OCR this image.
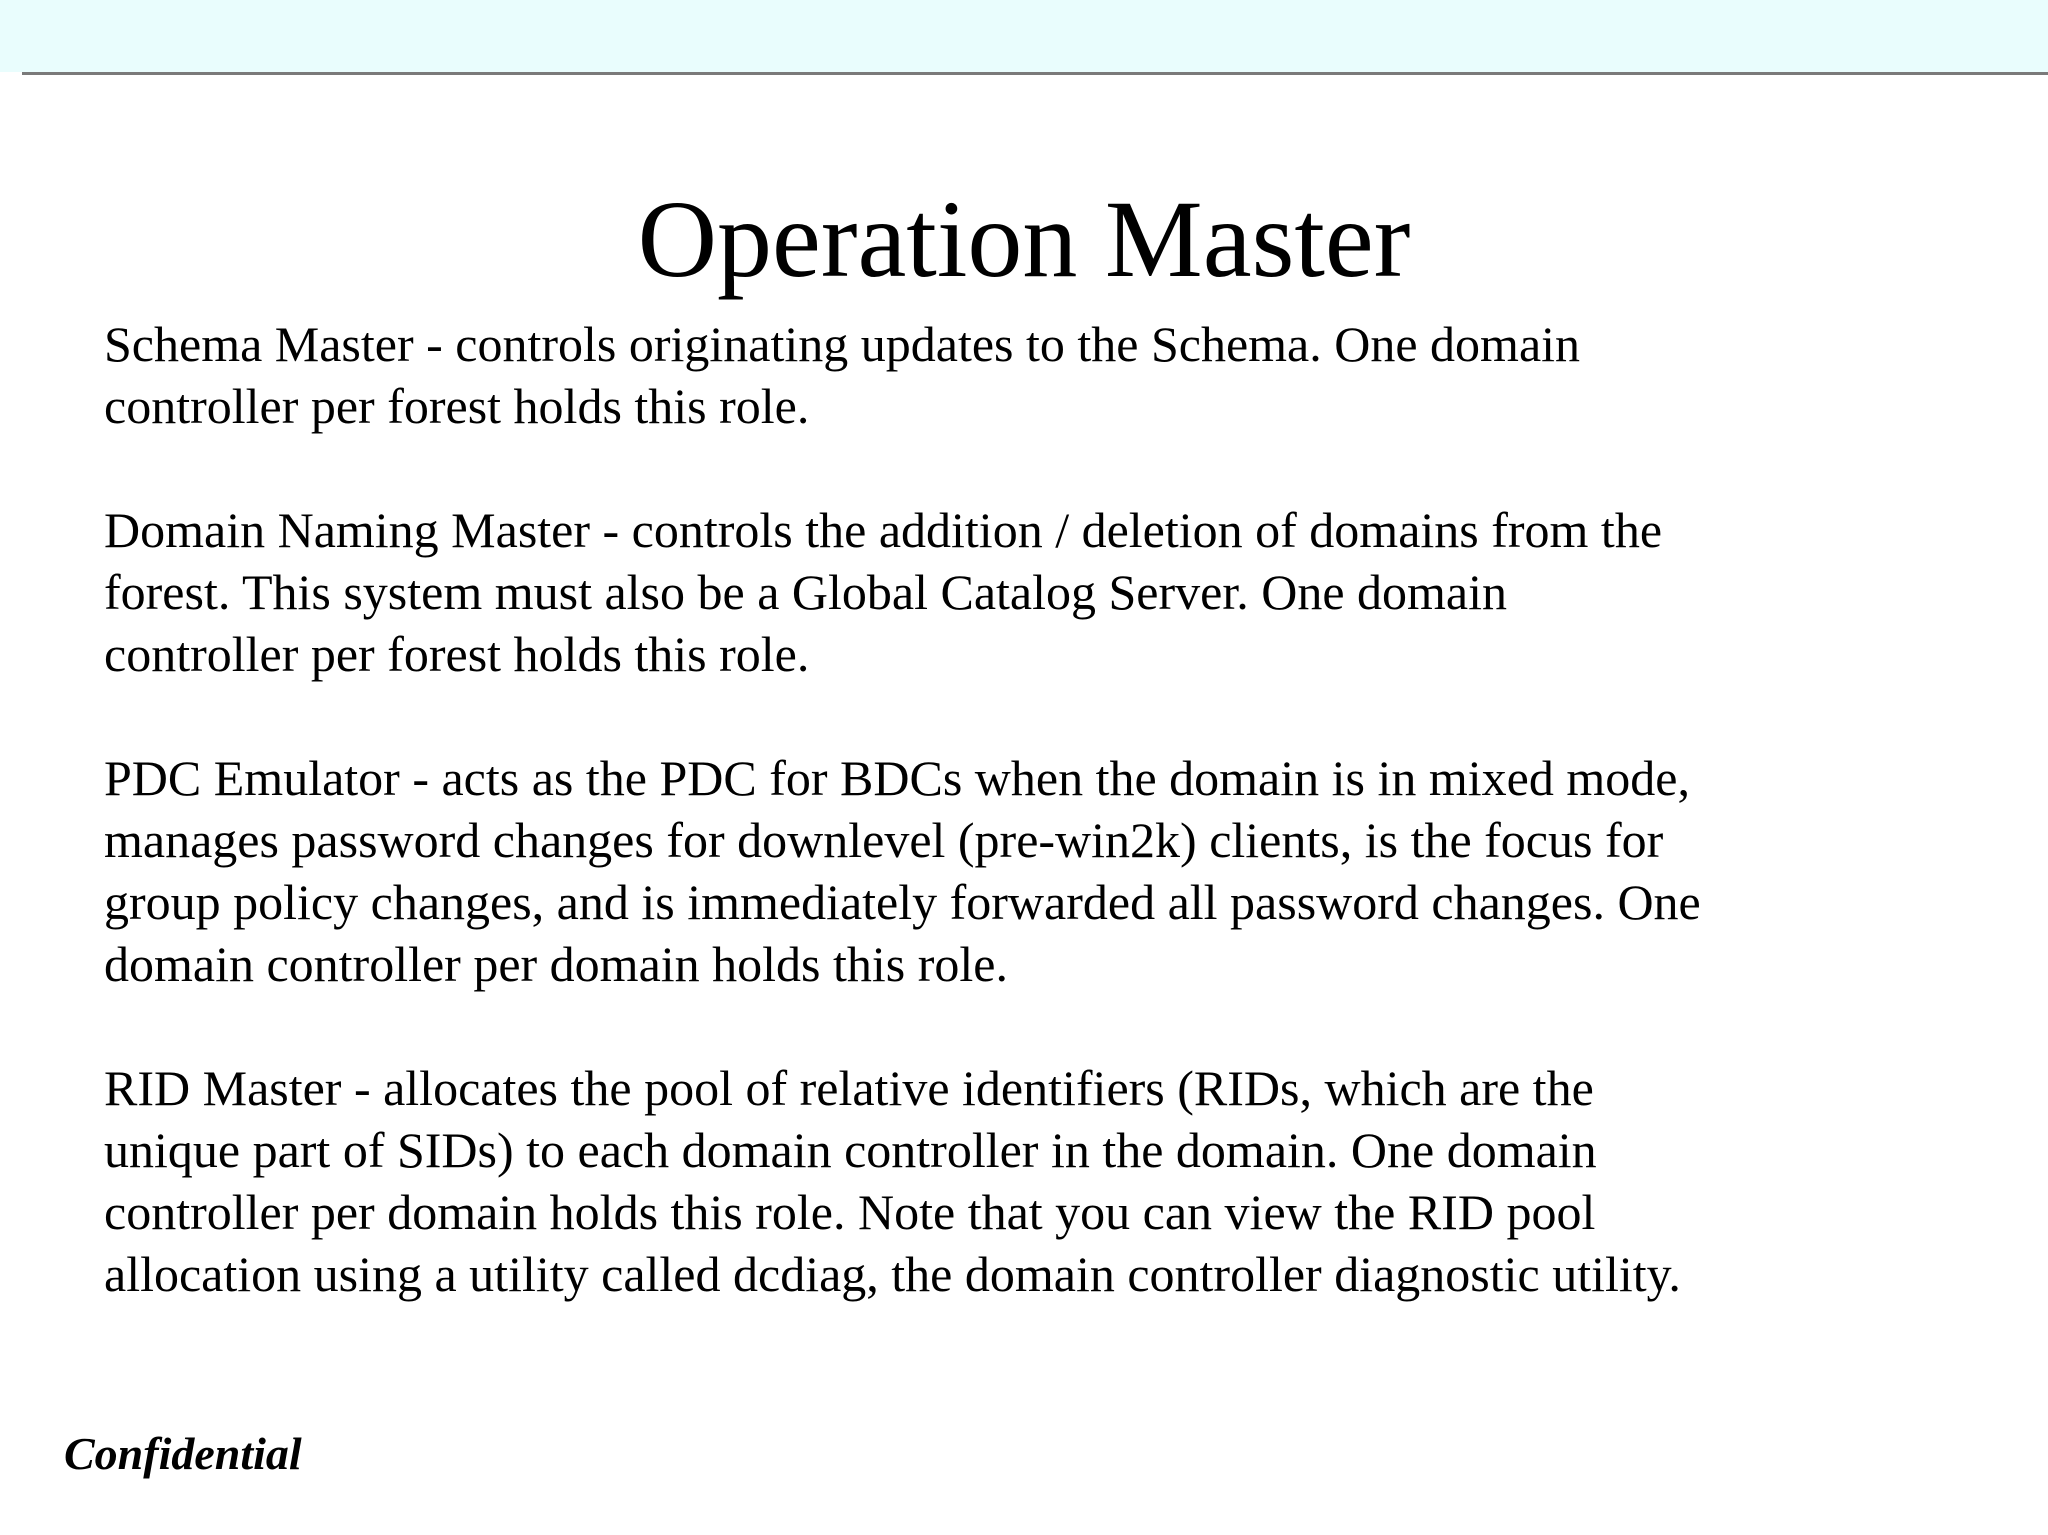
Operation Master

Schema Master - controls originating updates to the Schema. One domain
controller per forest holds this role.

Domain Naming Master - controls the addition / deletion of domains from the
forest. This system must also be a Global Catalog Server. One domain
controller per forest holds this role.

PDC Emulator - acts as the PDC for BDCs when the domain is in mixed mode,
manages password changes for downlevel (pre-win2k) clients, is the focus for
group policy changes, and is immediately forwarded all password changes. One
domain controller per domain holds this role.

RID Master - allocates the pool of relative identifiers (RIDs, which are the
unique part of SIDs) to each domain controller in the domain. One domain
controller per domain holds this role. Note that you can view the RID pool
allocation using a utility called dcdiag, the domain controller diagnostic utility.

Confidential
